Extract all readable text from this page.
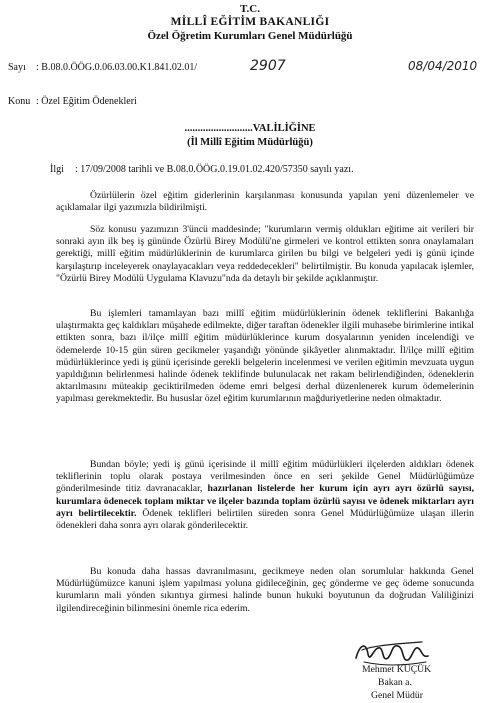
T.C.
MİLLÎ EĞİTİM BAKANLIĞI
Özel Öğretim Kurumları Genel Müdürlüğü
Sayı : B.08.0.ÖÖG.0.06.03.00.K1.841.02.01/	2907	08/04/2010
Konu : Özel Eğitim Ödenekleri
..........................VALİLİĞİNE
(İl Millî Eğitim Müdürlüğü)
İlgi : 17/09/2008 tarihli ve B.08.0.ÖÖG.0.19.01.02.420/57350 sayılı yazı.
Özürlülerin özel eğitim giderlerinin karşılanması konusunda yapılan yeni düzenlemeler ve açıklamalar ilgi yazımızla bildirilmişti.
Söz konusu yazımızın 3'üncü maddesinde; "kurumların vermiş oldukları eğitime ait verileri bir sonraki ayın ilk beş iş gününde Özürlü Birey Modülü'ne girmeleri ve kontrol ettikten sonra onaylamaları gerektiği, millî eğitim müdürlüklerinin de kurumlarca girilen bu bilgi ve belgeleri yedi iş günü içinde karşılaştırıp inceleyerek onaylayacakları veya reddedecekleri" belirtilmiştir. Bu konuda yapılacak işlemler, "Özürlü Birey Modülü Uygulama Klavuzu"nda da detaylı bir şekilde açıklanmıştır.
Bu işlemleri tamamlayan bazı millî eğitim müdürlüklerinin ödenek tekliflerini Bakanlığa ulaştırmakta geç kaldıkları müşahede edilmekte, diğer taraftan ödenekler ilgili muhasebe birimlerine intikal ettikten sonra, bazı il/ilçe millî eğitim müdürlüklerince kurum dosyalarının yeniden incelendiği ve ödemelerde 10-15 gün süren gecikmeler yaşandığı yönünde şikâyetler alınmaktadır. İl/ilçe millî eğitim müdürlüklerince yedi iş günü içerisinde gerekli belgelerin incelenmesi ve verilen eğitimin mevzuata uygun yapıldığının belirlenmesi halinde ödenek teklifinde bulunulacak net rakam belirlendiğinden, ödeneklerin aktarılmasını müteakip geciktirilmeden ödeme emri belgesi derhal düzenlenerek kurum ödemelerinin yapılması gerekmektedir. Bu hususlar özel eğitim kurumlarının mağduriyetlerine neden olmaktadır.
Bundan böyle; yedi iş günü içerisinde il millî eğitim müdürlükleri ilçelerden aldıkları ödenek tekliflerinin toplu olarak postaya verilmesinden önce en seri şekilde Genel Müdürlüğümüze gönderilmesinde titiz davranacaklar, hazırlanan listelerde her kurum için ayrı ayrı özürlü sayısı, kurumlara ödenecek toplam miktar ve ilçeler bazında toplam özürlü sayısı ve ödenek miktarları ayrı ayrı belirtilecektir. Ödenek teklifleri belirtilen süreden sonra Genel Müdürlüğümüze ulaşan illerin ödenekleri daha sonra ayrı olarak gönderilecektir.
Bu konuda daha hassas davranılmasını, gecikmeye neden olan sorumlular hakkında Genel Müdürlüğümüzce kanuni işlem yapılması yoluna gidileceğinin, geç gönderme ve geç ödeme sonucunda kurumların mali yönden sıkıntıya girmesi halinde bunun hukuki boyutunun da doğrudan Valiliğinizi ilgilendireceğinin bilinmesini önemle rica ederim.
Mehmet KÜÇÜK
Bakan a.
Genel Müdür
